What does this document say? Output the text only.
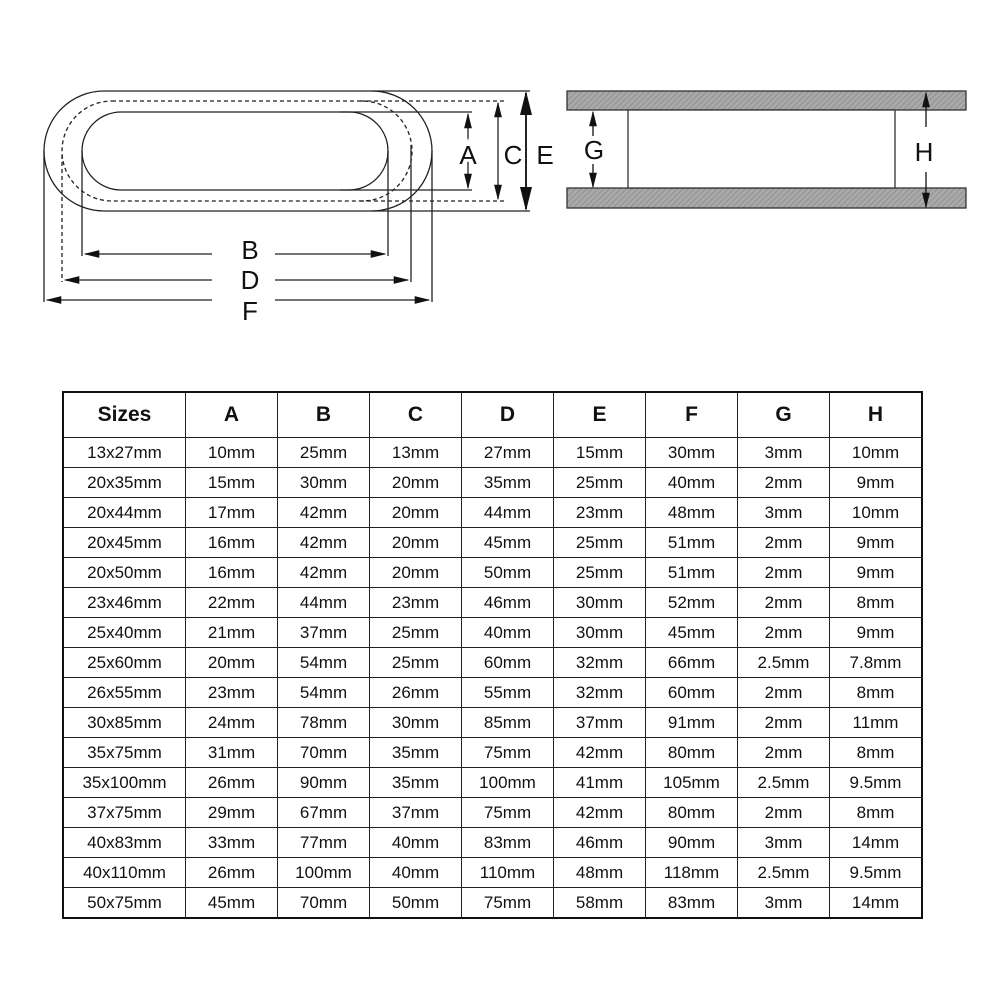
A C E
B
D
F
G	H
Sizes	A	B	C	D	E	F	G	H
13x27mm	10mm	25mm	13mm	27mm	15mm	30mm	3mm	10mm
20x35mm	15mm	30mm	20mm	35mm	25mm	40mm	2mm	9mm
20x44mm	17mm	42mm	20mm	44mm	23mm	48mm	3mm	10mm
20x45mm	16mm	42mm	20mm	45mm	25mm	51mm	2mm	9mm
20x50mm	16mm	42mm	20mm	50mm	25mm	51mm	2mm	9mm
23x46mm	22mm	44mm	23mm	46mm	30mm	52mm	2mm	8mm
25x40mm	21mm	37mm	25mm	40mm	30mm	45mm	2mm	9mm
25x60mm	20mm	54mm	25mm	60mm	32mm	66mm	2.5mm	7.8mm
26x55mm	23mm	54mm	26mm	55mm	32mm	60mm	2mm	8mm
30x85mm	24mm	78mm	30mm	85mm	37mm	91mm	2mm	11mm
35x75mm	31mm	70mm	35mm	75mm	42mm	80mm	2mm	8mm
35x100mm	26mm	90mm	35mm	100mm	41mm	105mm	2.5mm	9.5mm
37x75mm	29mm	67mm	37mm	75mm	42mm	80mm	2mm	8mm
40x83mm	33mm	77mm	40mm	83mm	46mm	90mm	3mm	14mm
40x110mm	26mm	100mm	40mm	110mm	48mm	118mm	2.5mm	9.5mm
50x75mm	45mm	70mm	50mm	75mm	58mm	83mm	3mm	14mm
